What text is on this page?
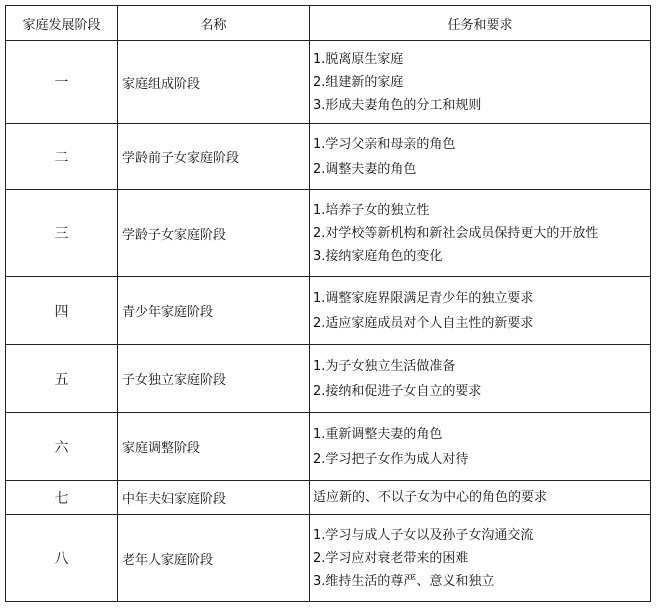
家庭发展阶段	名称	任务和要求
一	家庭组成阶段	1.脱离原生家庭
2.组建新的家庭
3.形成夫妻角色的分工和规则

二	学龄前子女家庭阶段	1.学习父亲和母亲的角色
2.调整夫妻的角色

三	学龄子女家庭阶段	1.培养子女的独立性
2.对学校等新机构和新社会成员保持更大的开放性
3.接纳家庭角色的变化

四	青少年家庭阶段	1.调整家庭界限满足青少年的独立要求
2.适应家庭成员对个人自主性的新要求

五	子女独立家庭阶段	1.为子女独立生活做准备
2.接纳和促进子女自立的要求

六	家庭调整阶段	1.重新调整夫妻的角色
2.学习把子女作为成人对待

七	中年夫妇家庭阶段	适应新的、不以子女为中心的角色的要求

八	老年人家庭阶段	1.学习与成人子女以及孙子女沟通交流
2.学习应对衰老带来的困难
3.维持生活的尊严、意义和独立
